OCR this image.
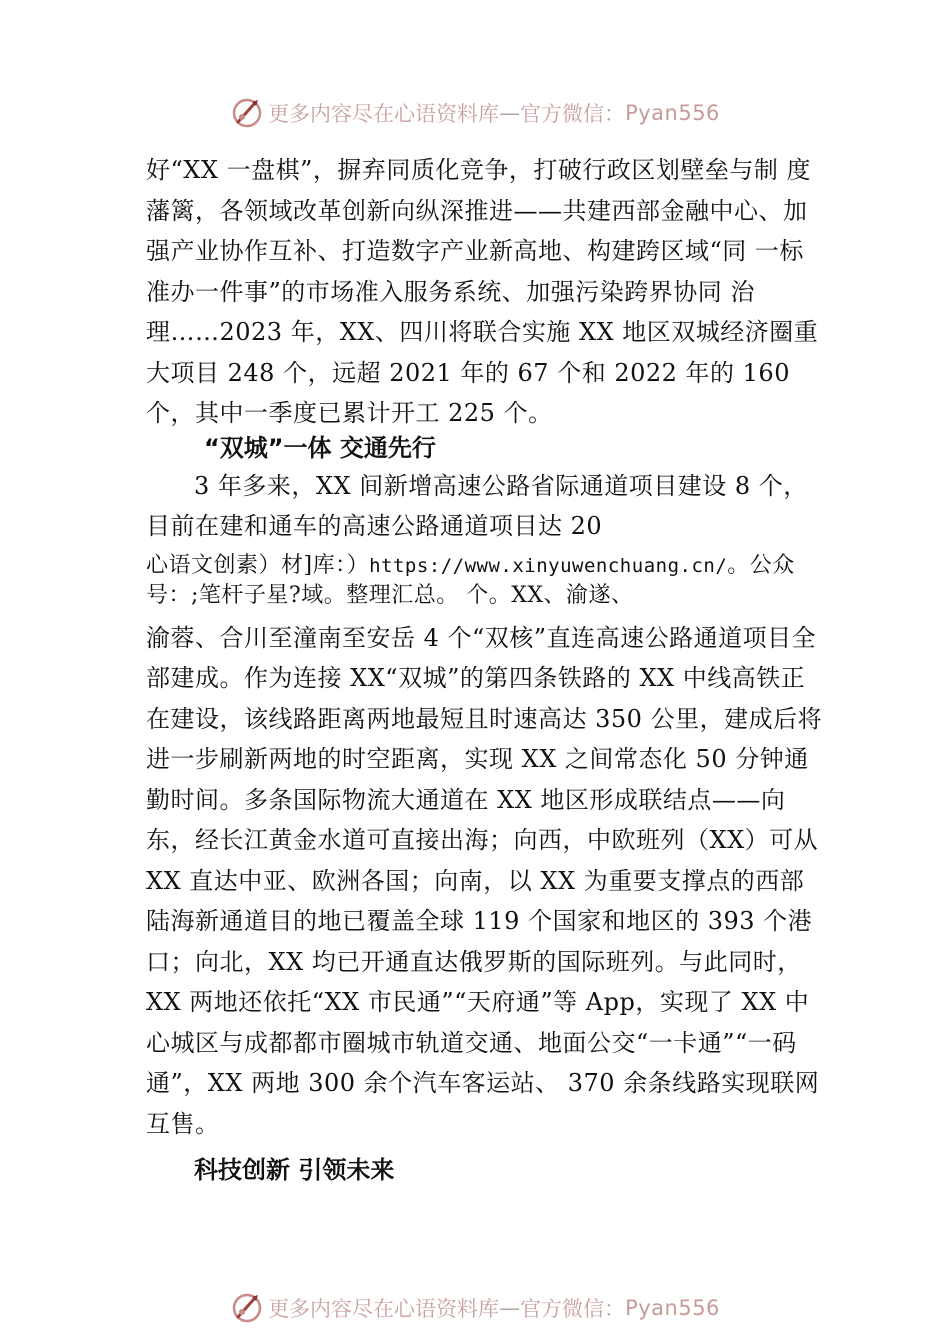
更多内容尽在心语资料库 — 官方微信： Pyan556

好“XX 一盘棋”，摒弃同质化竞争，打破行政区划壁垒与制 度藩篱，各领域改革创新向纵深推进——共建西部金融中心、加强产业协作互补、打造数字产业新高地、构建跨区域“同 一标准办一件事”的市场准入服务系统、加强污染跨界协同 治理……2023 年，XX、四川将联合实施 XX 地区双城经济圈重大项目 248 个，远超 2021 年的 67 个和 2022 年的 160 个，其中一季度已累计开工 225 个。

“双城”一体 交通先行

3 年多来，XX 间新增高速公路省际通道项目建设 8 个，目前在建和通车的高速公路通道项目达 20

心语文创素）材]库：）https://www.xinyuwenchuang.cn/。公众号：;笔杆子星?域。整理汇总。 个。XX、渝遂、

渝蓉、合川至潼南至安岳 4 个“双核”直连高速公路通道项目全部建成。作为连接 XX“双城”的第四条铁路的 XX 中线高铁正在建设，该线路距离两地最短且时速高达 350 公里，建成后将进一步刷新两地的时空距离，实现 XX 之间常态化 50 分钟通勤时间。多条国际物流大通道在 XX 地区形成联结点——向东，经长江黄金水道可直接出海；向西，中欧班列（XX）可从 XX 直达中亚、欧洲各国；向南，以 XX 为重要支撑点的西部陆海新通道目的地已覆盖全球 119 个国家和地区的 393 个港口；向北，XX 均已开通直达俄罗斯的国际班列。与此同时，XX 两地还依托“XX 市民通”“天府通”等 App，实现了 XX 中心城区与成都都市圈城市轨道交通、地面公交“一卡通”“一码通”，XX 两地 300 余个汽车客运站、 370 余条线路实现联网互售。

科技创新 引领未来
更多内容尽在心语资料库 — 官方微信： Pyan556
